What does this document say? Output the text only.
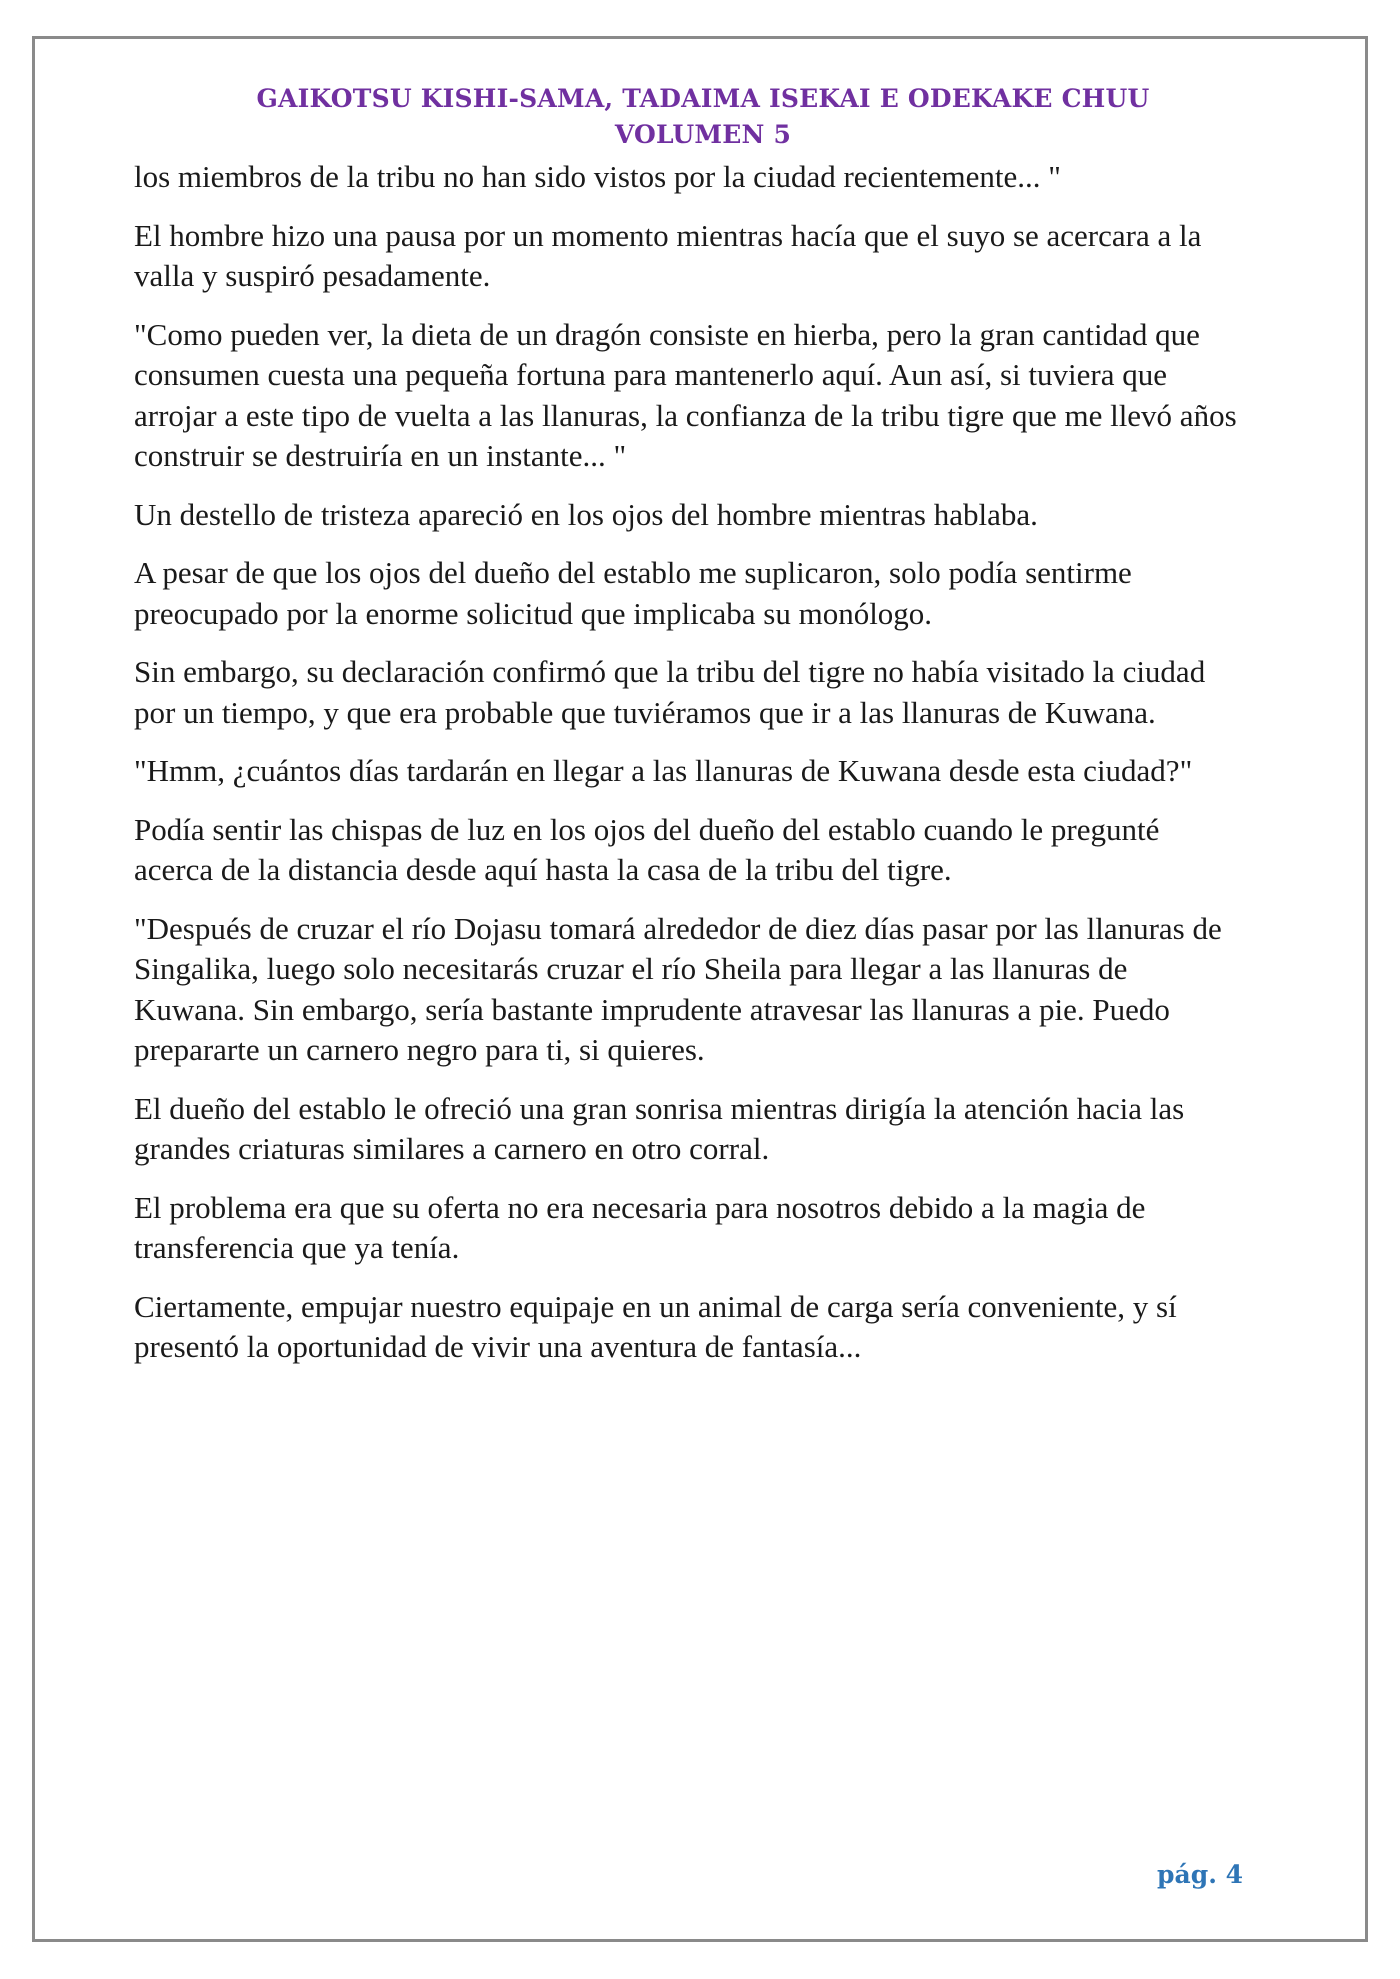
GAIKOTSU KISHI-SAMA, TADAIMA ISEKAI E ODEKAKE CHUU
VOLUMEN 5
pág. 4

los miembros de la tribu no han sido vistos por la ciudad recientemente... "

El hombre hizo una pausa por un momento mientras hacía que el suyo se acercara a la valla y suspiró pesadamente.

"Como pueden ver, la dieta de un dragón consiste en hierba, pero la gran cantidad que consumen cuesta una pequeña fortuna para mantenerlo aquí. Aun así, si tuviera que arrojar a este tipo de vuelta a las llanuras, la confianza de la tribu tigre que me llevó años construir se destruiría en un instante... "

Un destello de tristeza apareció en los ojos del hombre mientras hablaba.

A pesar de que los ojos del dueño del establo me suplicaron, solo podía sentirme preocupado por la enorme solicitud que implicaba su monólogo.

Sin embargo, su declaración confirmó que la tribu del tigre no había visitado la ciudad por un tiempo, y que era probable que tuviéramos que ir a las llanuras de Kuwana.

"Hmm, ¿cuántos días tardarán en llegar a las llanuras de Kuwana desde esta ciudad?"

Podía sentir las chispas de luz en los ojos del dueño del establo cuando le pregunté acerca de la distancia desde aquí hasta la casa de la tribu del tigre.

"Después de cruzar el río Dojasu tomará alrededor de diez días pasar por las llanuras de Singalika, luego solo necesitarás cruzar el río Sheila para llegar a las llanuras de Kuwana. Sin embargo, sería bastante imprudente atravesar las llanuras a pie. Puedo prepararte un carnero negro para ti, si quieres.

El dueño del establo le ofreció una gran sonrisa mientras dirigía la atención hacia las grandes criaturas similares a carnero en otro corral.

El problema era que su oferta no era necesaria para nosotros debido a la magia de transferencia que ya tenía.

Ciertamente, empujar nuestro equipaje en un animal de carga sería conveniente, y sí presentó la oportunidad de vivir una aventura de fantasía...
